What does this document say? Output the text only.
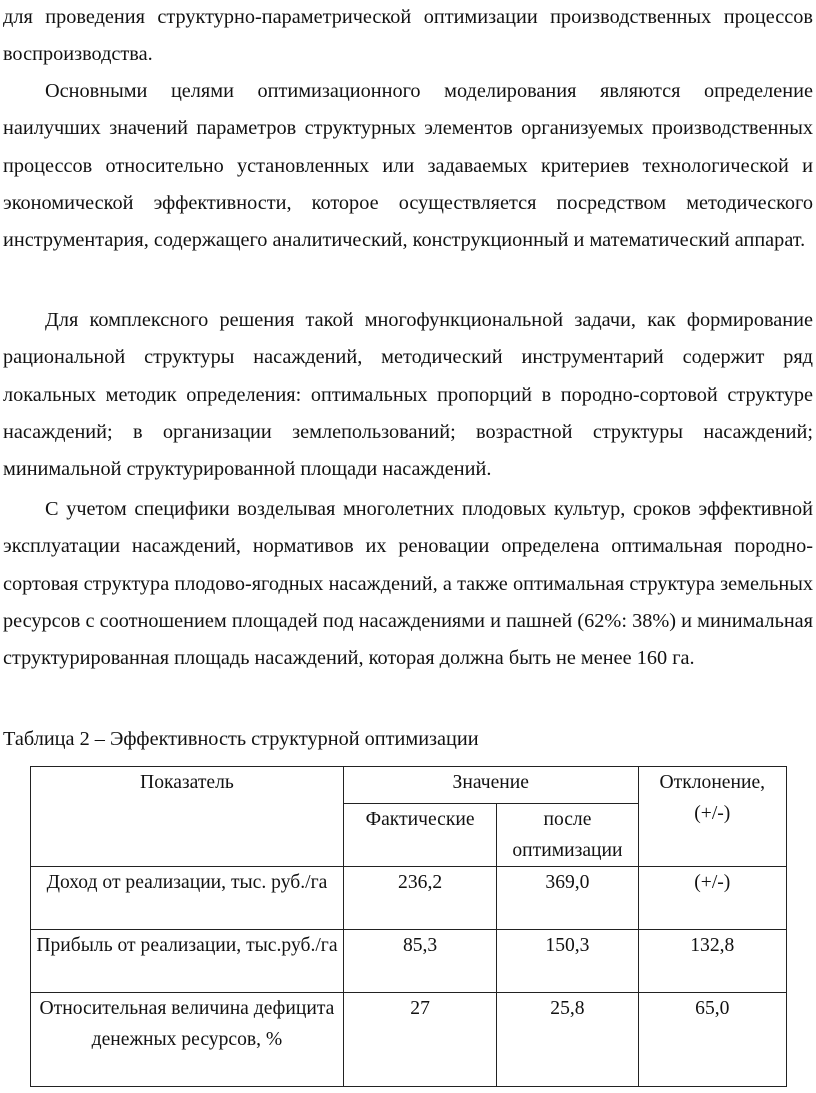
для проведения структурно-параметрической оптимизации производственных процессов воспроизводства.

Основными целями оптимизационного моделирования являются определение наилучших значений параметров структурных элементов организуемых производственных процессов относительно установленных или задаваемых критериев технологической и экономической эффективности, которое осуществляется посредством методического инструментария, содержащего аналитический, конструкционный и математический аппарат.

Для комплексного решения такой многофункциональной задачи, как формирование рациональной структуры насаждений, методический инструментарий содержит ряд локальных методик определения: оптимальных пропорций в породно-сортовой структуре насаждений; в организации землепользований; возрастной структуры насаждений; минимальной структурированной площади насаждений.

С учетом специфики возделывая многолетних плодовых культур, сроков эффективной эксплуатации насаждений, нормативов их реновации определена оптимальная породно-сортовая структура плодово-ягодных насаждений, а также оптимальная структура земельных ресурсов с соотношением площадей под насаждениями и пашней (62%: 38%) и минимальная структурированная площадь насаждений, которая должна быть не менее 160 га.

Таблица 2 – Эффективность структурной оптимизации

Показатель	Значение		Отклонение, (+/-)
	Фактические	после оптимизации	
Доход от реализации, тыс. руб./га	236,2	369,0	(+/-)
Прибыль от реализации, тыс.руб./га	85,3	150,3	132,8
Относительная величина дефицита денежных ресурсов, %	27	25,8	65,0
